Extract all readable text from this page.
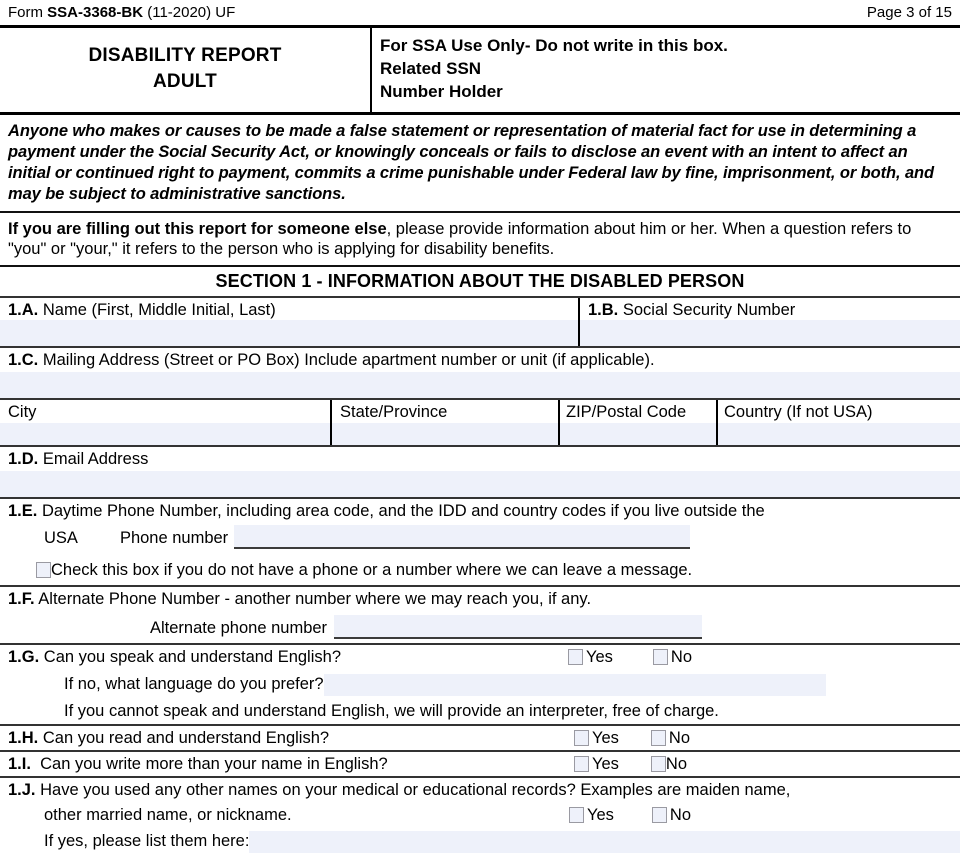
Form SSA-3368-BK (11-2020) UF	Page 3 of 15
DISABILITY REPORT
ADULT
For SSA Use Only- Do not write in this box.
Related SSN
Number Holder
Anyone who makes or causes to be made a false statement or representation of material fact for use in determining a payment under the Social Security Act, or knowingly conceals or fails to disclose an event with an intent to affect an initial or continued right to payment, commits a crime punishable under Federal law by fine, imprisonment, or both, and may be subject to administrative sanctions.
If you are filling out this report for someone else, please provide information about him or her. When a question refers to "you" or "your," it refers to the person who is applying for disability benefits.
SECTION 1 - INFORMATION ABOUT THE DISABLED PERSON
1.A. Name (First, Middle Initial, Last)	1.B. Social Security Number
1.C. Mailing Address (Street or PO Box) Include apartment number or unit (if applicable).
City	State/Province	ZIP/Postal Code	Country (If not USA)
1.D. Email Address
1.E. Daytime Phone Number, including area code, and the IDD and country codes if you live outside the
USA	Phone number
Check this box if you do not have a phone or a number where we can leave a message.
1.F. Alternate Phone Number - another number where we may reach you, if any.
Alternate phone number
1.G. Can you speak and understand English?	Yes	No
If no, what language do you prefer?
If you cannot speak and understand English, we will provide an interpreter, free of charge.
1.H. Can you read and understand English?	Yes	No
1.I. Can you write more than your name in English?	Yes	No
1.J. Have you used any other names on your medical or educational records? Examples are maiden name,
other married name, or nickname.	Yes	No
If yes, please list them here:
